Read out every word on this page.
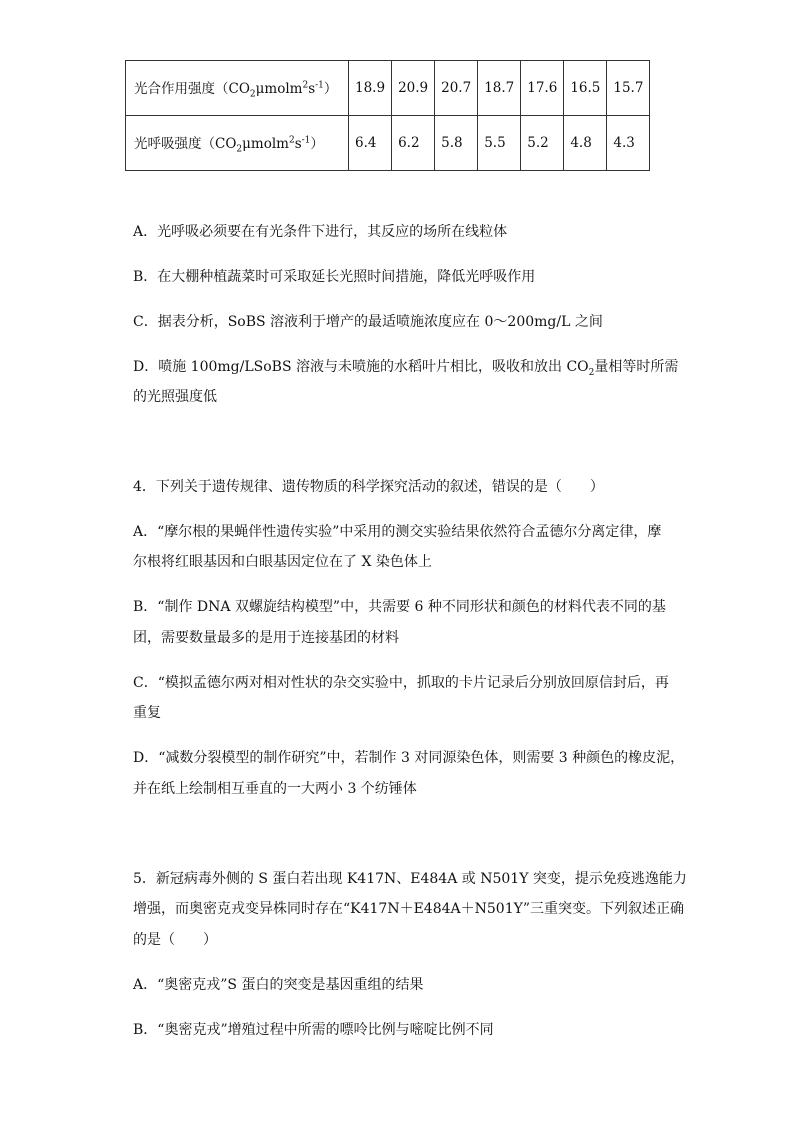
光合作用强度$(CO_2\mu molm^2s^{-1})$	18.9	20.9	20.7	18.7	17.6	16.5	15.7
光呼吸强度$(CO_2\mu molm^2s^{-1})$	6.4	6.2	5.8	5.5	5.2	4.8	4.3
A．光呼吸必须要在有光条件下进行，其反应的场所在线粒体
B．在大棚种植蔬菜时可采取延长光照时间措施，降低光呼吸作用
C．据表分析，SoBS 溶液利于增产的最适喷施浓度应在 0～200mg/L 之间
D．喷施 100mg/LSoBS 溶液与未喷施的水稻叶片相比，吸收和放出 $CO_2$量相等时所需
的光照强度低
4．下列关于遗传规律、遗传物质的科学探究活动的叙述，错误的是（　　）
A．“摩尔根的果蝇伴性遗传实验”中采用的测交实验结果依然符合孟德尔分离定律，摩
尔根将红眼基因和白眼基因定位在了 X 染色体上
B．“制作 DNA 双螺旋结构模型”中，共需要 6 种不同形状和颜色的材料代表不同的基
团，需要数量最多的是用于连接基团的材料
C．“模拟孟德尔两对相对性状的杂交实验中，抓取的卡片记录后分别放回原信封后，再
重复
D．“减数分裂模型的制作研究”中，若制作 3 对同源染色体，则需要 3 种颜色的橡皮泥，
并在纸上绘制相互垂直的一大两小 3 个纺锤体
5．新冠病毒外侧的 S 蛋白若出现 K417N、E484A 或 N501Y 突变，提示免疫逃逸能力
增强，而奥密克戎变异株同时存在“K417N＋E484A＋N501Y”三重突变。下列叙述正确
的是（　　）
A．“奥密克戎”S 蛋白的突变是基因重组的结果
B．“奥密克戎”增殖过程中所需的嘌呤比例与嘧啶比例不同
